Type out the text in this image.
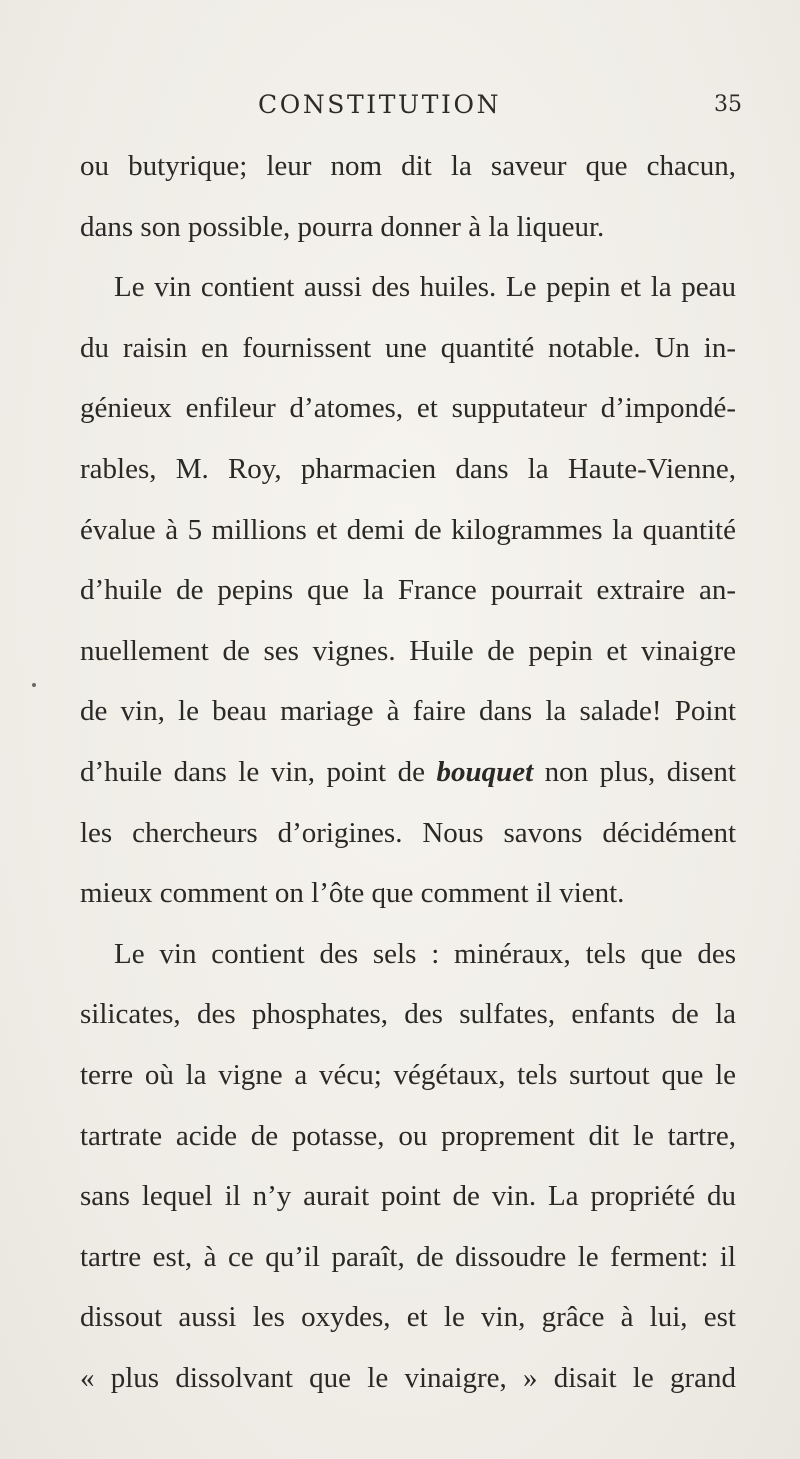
CONSTITUTION	35
ou butyrique; leur nom dit la saveur que chacun,
dans son possible, pourra donner à la liqueur.
Le vin contient aussi des huiles. Le pepin et la peau
du raisin en fournissent une quantité notable. Un in-
génieux enfileur d’atomes, et supputateur d’impondé-
rables, M. Roy, pharmacien dans la Haute-Vienne,
évalue à 5 millions et demi de kilogrammes la quantité
d’huile de pepins que la France pourrait extraire an-
nuellement de ses vignes. Huile de pepin et vinaigre
de vin, le beau mariage à faire dans la salade! Point
d’huile dans le vin, point de bouquet non plus, disent
les chercheurs d’origines. Nous savons décidément
mieux comment on l’ôte que comment il vient.
Le vin contient des sels : minéraux, tels que des
silicates, des phosphates, des sulfates, enfants de la
terre où la vigne a vécu; végétaux, tels surtout que le
tartrate acide de potasse, ou proprement dit le tartre,
sans lequel il n’y aurait point de vin. La propriété du
tartre est, à ce qu’il paraît, de dissoudre le ferment: il
dissout aussi les oxydes, et le vin, grâce à lui, est
« plus dissolvant que le vinaigre, » disait le grand
